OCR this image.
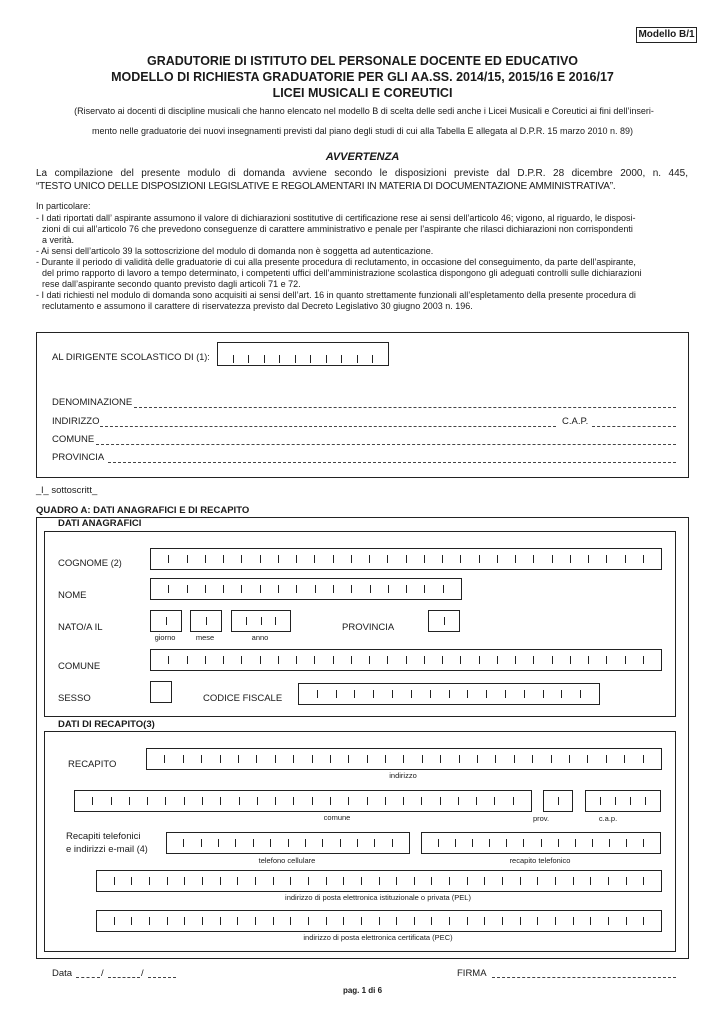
Modello B/1
GRADUTORIE DI ISTITUTO DEL PERSONALE DOCENTE ED EDUCATIVO
MODELLO DI RICHIESTA GRADUATORIE PER GLI AA.SS. 2014/15, 2015/16 E 2016/17
LICEI MUSICALI E COREUTICI
(Riservato ai docenti di discipline musicali che hanno elencato nel modello B di scelta delle sedi anche i Licei Musicali e Coreutici ai fini dell’inseri-
mento nelle graduatorie dei nuovi insegnamenti previsti dal piano degli studi di cui alla Tabella E allegata al D.P.R. 15 marzo 2010 n. 89)
AVVERTENZA
La compilazione del presente modulo di domanda avviene secondo le disposizioni previste dal D.P.R. 28 dicembre 2000, n. 445,
“TESTO UNICO DELLE DISPOSIZIONI LEGISLATIVE E REGOLAMENTARI IN MATERIA DI DOCUMENTAZIONE AMMINISTRATIVA”.
In particolare:
- I dati riportati dall’ aspirante assumono il valore di dichiarazioni sostitutive di certificazione rese ai sensi dell’articolo 46; vigono, al riguardo, le disposi-
zioni di cui all’articolo 76 che prevedono conseguenze di carattere amministrativo e penale per l’aspirante che rilasci dichiarazioni non corrispondenti
a verità.
- Ai sensi dell’articolo 39 la sottoscrizione del modulo di domanda non è soggetta ad autenticazione.
- Durante il periodo di validità delle graduatorie di cui alla presente procedura di reclutamento, in occasione del conseguimento, da parte dell’aspirante,
del primo rapporto di lavoro a tempo determinato, i competenti uffici dell’amministrazione scolastica dispongono gli adeguati controlli sulle dichiarazioni
rese dall’aspirante secondo quanto previsto dagli articoli 71 e 72.
- I dati richiesti nel modulo di domanda sono acquisiti ai sensi dell’art. 16 in quanto strettamente funzionali all’espletamento della presente procedura di
reclutamento e assumono il carattere di riservatezza previsto dal Decreto Legislativo 30 giugno 2003 n. 196.
AL DIRIGENTE SCOLASTICO DI (1):
DENOMINAZIONE
INDIRIZZO	C.A.P.
COMUNE
PROVINCIA
_l_ sottoscritt_
QUADRO A: DATI ANAGRAFICI E DI RECAPITO
DATI ANAGRAFICI
COGNOME (2)
NOME
NATO/A IL
giorno	mese	anno
PROVINCIA
COMUNE
SESSO	CODICE FISCALE
DATI DI RECAPITO(3)
RECAPITO
indirizzo
comune	prov.	c.a.p.
Recapiti telefonici
e indirizzi e-mail (4)
telefono cellulare	recapito telefonico
indirizzo di posta elettronica istituzionale o privata (PEL)
indirizzo di posta elettronica certificata (PEC)
Data	/	/	FIRMA
pag. 1 di 6
